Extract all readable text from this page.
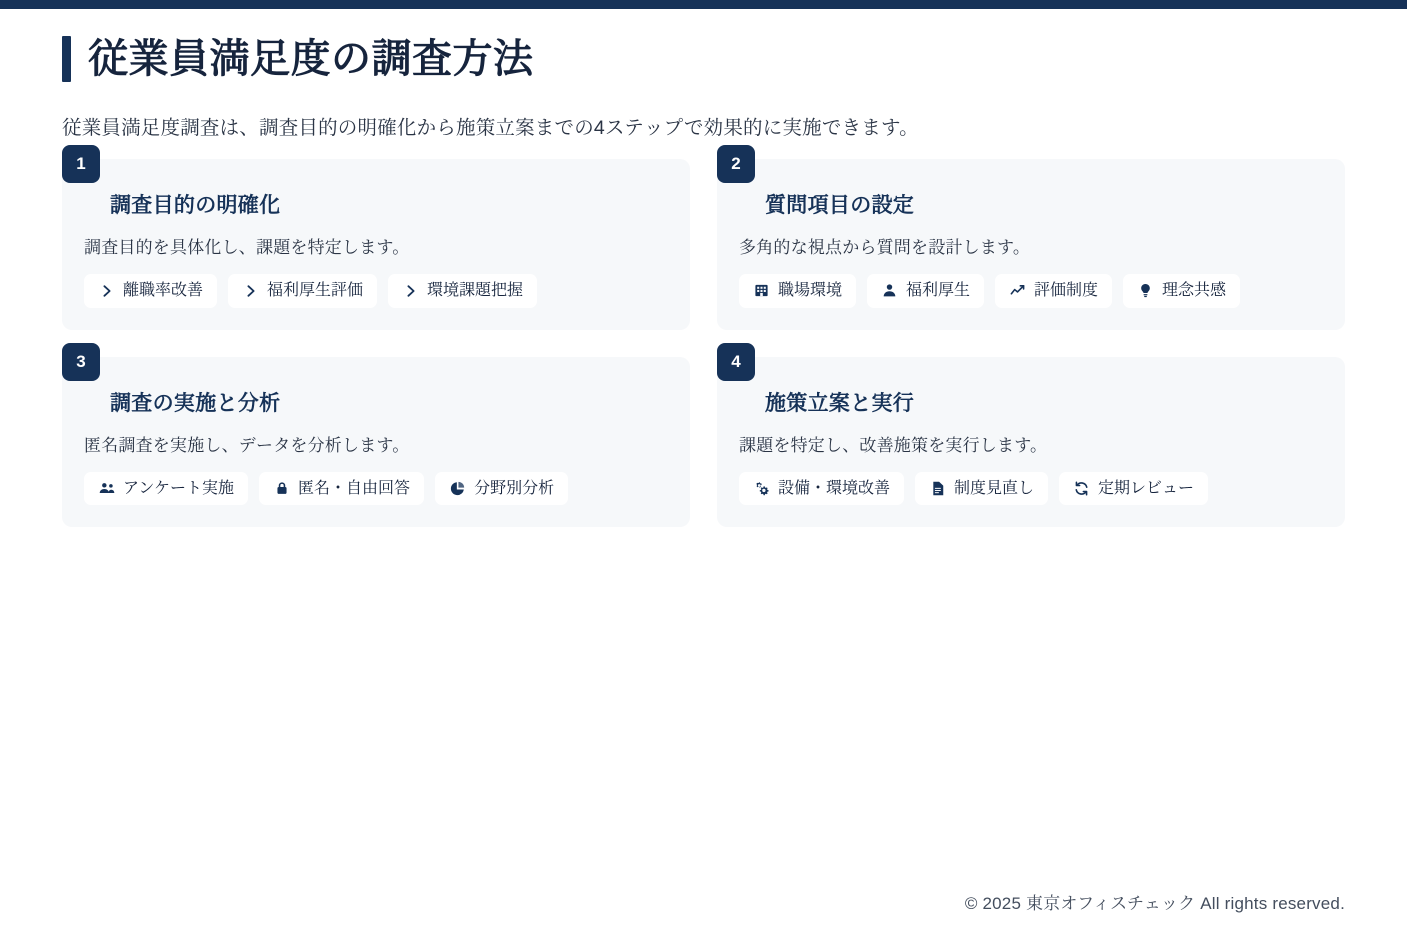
従業員満足度の調査方法
従業員満足度調査は、調査目的の明確化から施策立案までの4ステップで効果的に実施できます。
1
調査目的の明確化
調査目的を具体化し、課題を特定します。
離職率改善	福利厚生評価	環境課題把握
2
質問項目の設定
多角的な視点から質問を設計します。
職場環境	福利厚生	評価制度	理念共感
3
調査の実施と分析
匿名調査を実施し、データを分析します。
アンケート実施	匿名・自由回答	分野別分析
4
施策立案と実行
課題を特定し、改善施策を実行します。
設備・環境改善	制度見直し	定期レビュー
© 2025 東京オフィスチェック All rights reserved.
